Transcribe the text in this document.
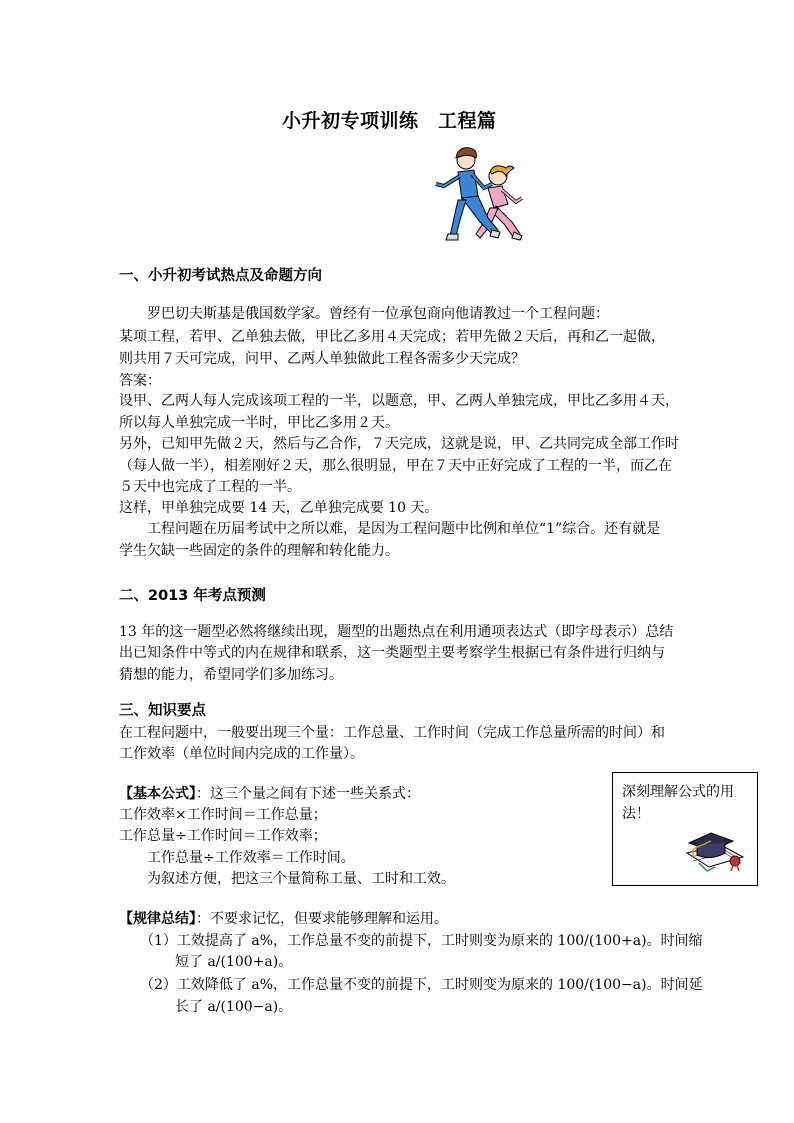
小升初专项训练　工程篇
一、小升初考试热点及命题方向
罗巴切夫斯基是俄国数学家。曾经有一位承包商向他请教过一个工程问题：
某项工程，若甲、乙单独去做，甲比乙多用４天完成；若甲先做２天后，再和乙一起做，
则共用７天可完成，问甲、乙两人单独做此工程各需多少天完成？
答案：
设甲、乙两人每人完成该项工程的一半，以题意，甲、乙两人单独完成，甲比乙多用４天，
所以每人单独完成一半时，甲比乙多用２天。
另外，已知甲先做２天，然后与乙合作，７天完成，这就是说，甲、乙共同完成全部工作时
（每人做一半），相差刚好２天，那么很明显，甲在７天中正好完成了工程的一半，而乙在
５天中也完成了工程的一半。
这样，甲单独完成要 14 天，乙单独完成要 10 天。
工程问题在历届考试中之所以难，是因为工程问题中比例和单位“1”综合。还有就是
学生欠缺一些固定的条件的理解和转化能力。
二、2013 年考点预测
13 年的这一题型必然将继续出现，题型的出题热点在利用通项表达式（即字母表示）总结
出已知条件中等式的内在规律和联系，这一类题型主要考察学生根据已有条件进行归纳与
猜想的能力，希望同学们多加练习。
三、知识要点
在工程问题中，一般要出现三个量：工作总量、工作时间（完成工作总量所需的时间）和
工作效率（单位时间内完成的工作量）。
【基本公式】：这三个量之间有下述一些关系式：
工作效率×工作时间＝工作总量；
工作总量÷工作时间＝工作效率；
工作总量÷工作效率＝工作时间。
为叙述方便，把这三个量简称工量、工时和工效。
深刻理解公式的用
法！
【规律总结】：不要求记忆，但要求能够理解和运用。
（1）工效提高了 a%，工作总量不变的前提下，工时则变为原来的 100/(100+a)。时间缩
短了 a/(100+a)。
（2）工效降低了 a%，工作总量不变的前提下，工时则变为原来的 100/(100−a)。时间延
长了 a/(100−a)。
